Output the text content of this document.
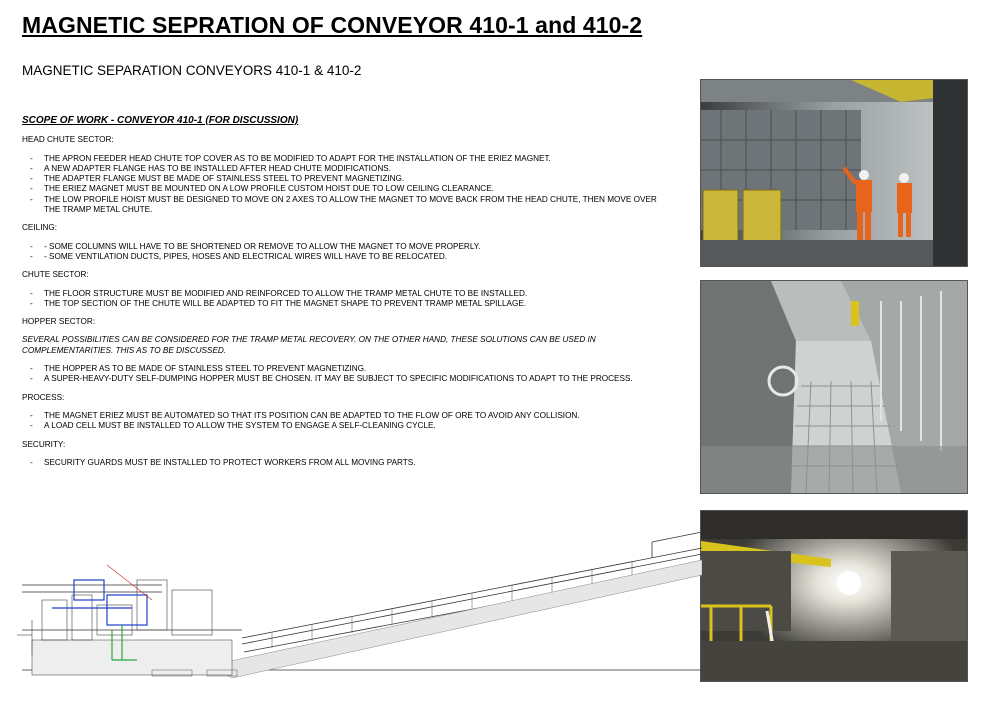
MAGNETIC SEPRATION OF CONVEYOR 410-1 and 410-2
MAGNETIC SEPARATION CONVEYORS 410-1 & 410-2
SCOPE OF WORK - CONVEYOR 410-1 (FOR DISCUSSION)
HEAD CHUTE SECTOR:
- THE APRON FEEDER HEAD CHUTE TOP COVER AS TO BE MODIFIED TO ADAPT FOR THE INSTALLATION OF THE ERIEZ MAGNET.
- A NEW ADAPTER FLANGE HAS TO BE INSTALLED AFTER HEAD CHUTE MODIFICATIONS.
- THE ADAPTER FLANGE MUST BE MADE OF STAINLESS STEEL TO PREVENT MAGNETIZING.
- THE ERIEZ MAGNET MUST BE MOUNTED ON A LOW PROFILE CUSTOM HOIST DUE TO LOW CEILING CLEARANCE.
- THE LOW PROFILE HOIST MUST BE DESIGNED TO MOVE ON 2 AXES TO ALLOW THE MAGNET TO MOVE BACK FROM THE HEAD CHUTE, THEN MOVE OVER THE TRAMP METAL CHUTE.
CEILING:
- - SOME COLUMNS WILL HAVE TO BE SHORTENED OR REMOVE TO ALLOW THE MAGNET TO MOVE PROPERLY.
- - SOME VENTILATION DUCTS, PIPES, HOSES AND ELECTRICAL WIRES WILL HAVE TO BE RELOCATED.
CHUTE SECTOR:
- THE FLOOR STRUCTURE MUST BE MODIFIED AND REINFORCED TO ALLOW THE TRAMP METAL CHUTE TO BE INSTALLED.
- THE TOP SECTION OF THE CHUTE WILL BE ADAPTED TO FIT THE MAGNET SHAPE TO PREVENT TRAMP METAL SPILLAGE.
HOPPER SECTOR:
SEVERAL POSSIBILITIES CAN BE CONSIDERED FOR THE TRAMP METAL RECOVERY. ON THE OTHER HAND, THESE SOLUTIONS CAN BE USED IN COMPLEMENTARITIES. THIS AS TO BE DISCUSSED.
- THE HOPPER AS TO BE MADE OF STAINLESS STEEL TO PREVENT MAGNETIZING.
- A SUPER-HEAVY-DUTY SELF-DUMPING HOPPER MUST BE CHOSEN. IT MAY BE SUBJECT TO SPECIFIC MODIFICATIONS TO ADAPT TO THE PROCESS.
PROCESS:
- THE MAGNET ERIEZ MUST BE AUTOMATED SO THAT ITS POSITION CAN BE ADAPTED TO THE FLOW OF ORE TO AVOID ANY COLLISION.
- A LOAD CELL MUST BE INSTALLED TO ALLOW THE SYSTEM TO ENGAGE A SELF-CLEANING CYCLE.
SECURITY:
- SECURITY GUARDS MUST BE INSTALLED TO PROTECT WORKERS FROM ALL MOVING PARTS.
